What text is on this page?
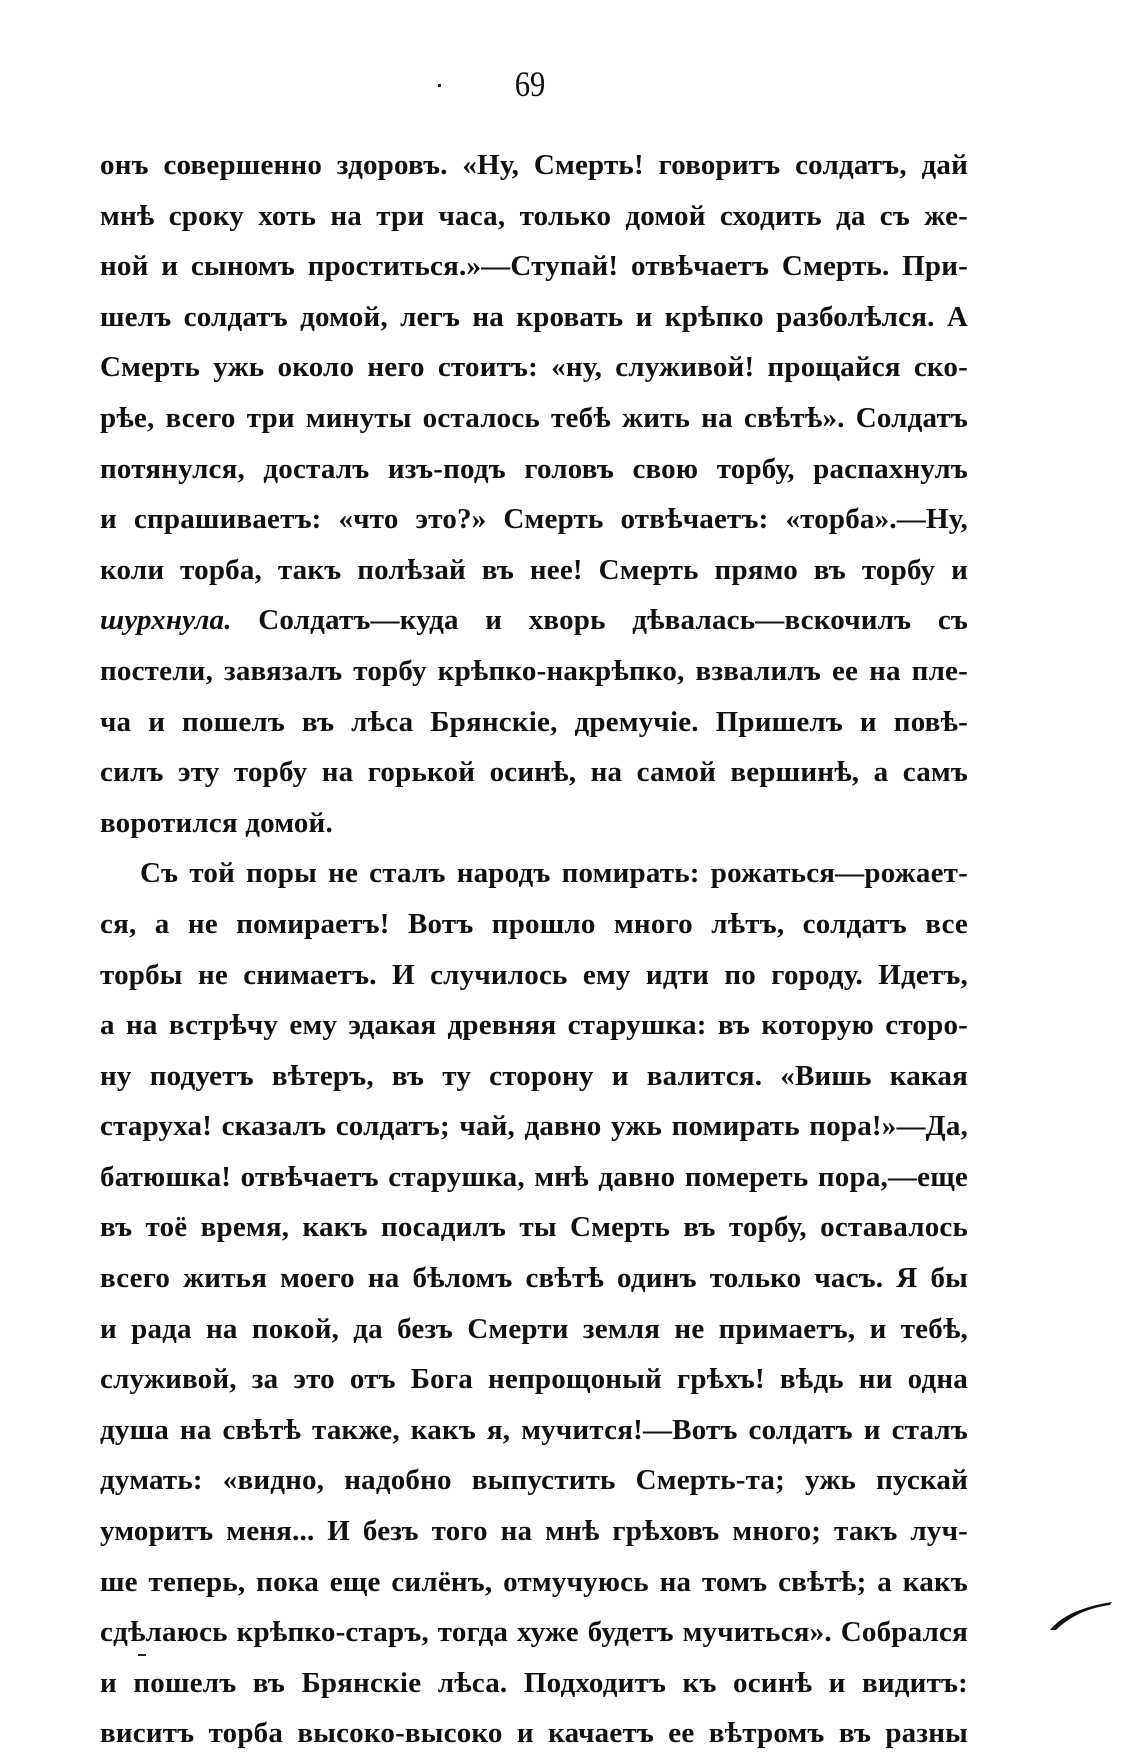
69
онъ совершенно здоровъ. «Ну, Смерть! говоритъ солдатъ, дай
мнѣ сроку хоть на три часа, только домой сходить да съ же-
ной и сыномъ проститься.»—Ступай! отвѣчаетъ Смерть. При-
шелъ солдатъ домой, легъ на кровать и крѣпко разболѣлся. А
Смерть ужь около него стоитъ: «ну, служивой! прощайся ско-
рѣе, всего три минуты осталось тебѣ жить на свѣтѣ». Солдатъ
потянулся, досталъ изъ-подъ головъ свою торбу, распахнулъ
и спрашиваетъ: «что это?» Смерть отвѣчаетъ: «торба».—Ну,
коли торба, такъ полѣзай въ нее! Смерть прямо въ торбу и
шурхнула. Солдатъ—куда и хворь дѣвалась—вскочилъ съ
постели, завязалъ торбу крѣпко-накрѣпко, взвалилъ ее на пле-
ча и пошелъ въ лѣса Брянскіе, дремучіе. Пришелъ и повѣ-
силъ эту торбу на горькой осинѣ, на самой вершинѣ, а самъ
воротился домой.
Съ той поры не сталъ народъ помирать: рожаться—рожает-
ся, а не помираетъ! Вотъ прошло много лѣтъ, солдатъ все
торбы не снимаетъ. И случилось ему идти по городу. Идетъ,
а на встрѣчу ему эдакая древняя старушка: въ которую сторо-
ну подуетъ вѣтеръ, въ ту сторону и валится. «Вишь какая
старуха! сказалъ солдатъ; чай, давно ужь помирать пора!»—Да,
батюшка! отвѣчаетъ старушка, мнѣ давно померeть пора,—еще
въ тоё время, какъ посадилъ ты Смерть въ торбу, оставалось
всего житья моего на бѣломъ свѣтѣ одинъ только часъ. Я бы
и рада на покой, да безъ Смерти земля не примаетъ, и тебѣ,
служивой, за это отъ Бога непрощоный грѣхъ! вѣдь ни одна
душа на свѣтѣ также, какъ я, мучится!—Вотъ солдатъ и сталъ
думать: «видно, надобно выпустить Смерть-та; ужь пускай
уморитъ меня... И безъ того на мнѣ грѣховъ много; такъ луч-
ше теперь, пока еще силёнъ, отмучуюсь на томъ свѣтѣ; а какъ
сдѣлаюсь крѣпко-старъ, тогда хуже будетъ мучиться». Собрался
и пошелъ въ Брянскіе лѣса. Подходитъ къ осинѣ и видитъ:
виситъ торба высоко-высоко и качаетъ ее вѣтромъ въ разны
